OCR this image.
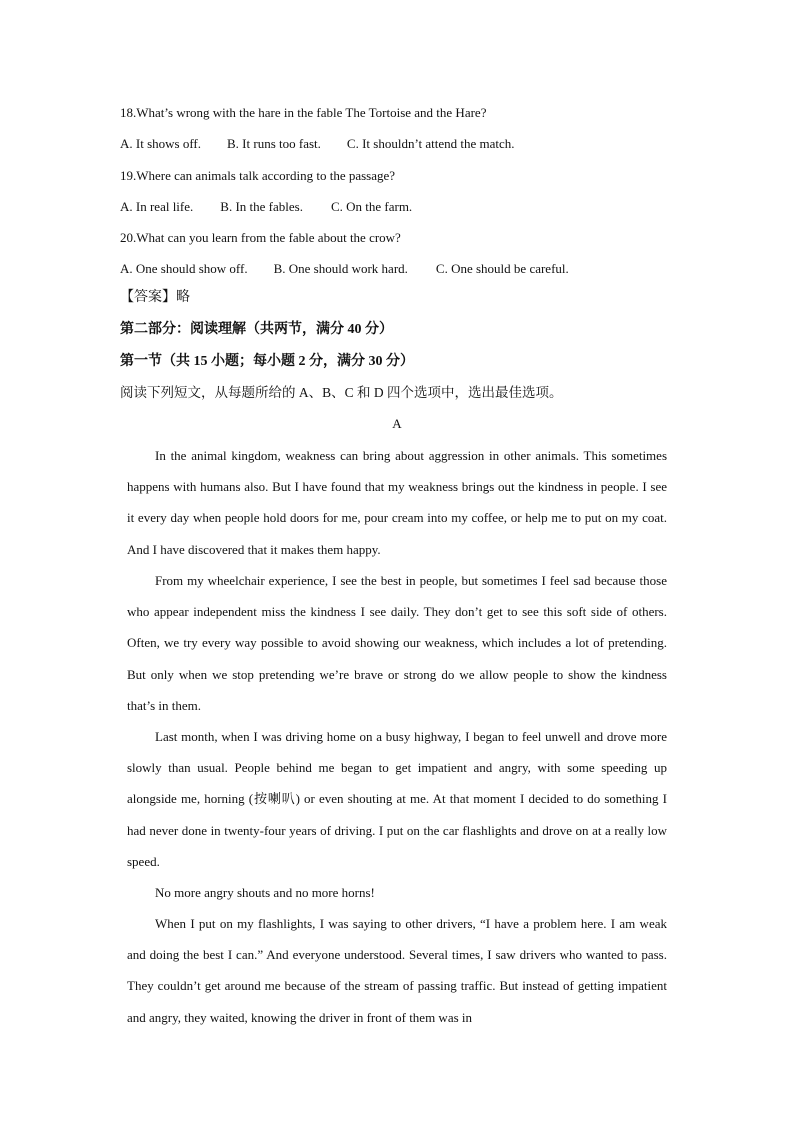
18.What’s wrong with the hare in the fable The Tortoise and the Hare?
A. It shows off. B. It runs too fast. C. It shouldn’t attend the match.
19.Where can animals talk according to the passage?
A. In real life. B. In the fables. C. On the farm.
20.What can you learn from the fable about the crow?
A. One should show off. B. One should work hard. C. One should be careful.
【答案】略
第二部分：阅读理解（共两节，满分 40 分）
第一节（共 15 小题；每小题 2 分，满分 30 分）
阅读下列短文，从每题所给的 A、B、C 和 D 四个选项中，选出最佳选项。
A

In the animal kingdom, weakness can bring about aggression in other animals. This sometimes happens with humans also. But I have found that my weakness brings out the kindness in people. I see it every day when people hold doors for me, pour cream into my coffee, or help me to put on my coat. And I have discovered that it makes them happy.

From my wheelchair experience, I see the best in people, but sometimes I feel sad because those who appear independent miss the kindness I see daily. They don’t get to see this soft side of others. Often, we try every way possible to avoid showing our weakness, which includes a lot of pretending. But only when we stop pretending we’re brave or strong do we allow people to show the kindness that’s in them.

Last month, when I was driving home on a busy highway, I began to feel unwell and drove more slowly than usual. People behind me began to get impatient and angry, with some speeding up alongside me, horning (按喇叭) or even shouting at me. At that moment I decided to do something I had never done in twenty-four years of driving. I put on the car flashlights and drove on at a really low speed.

No more angry shouts and no more horns!

When I put on my flashlights, I was saying to other drivers, “I have a problem here. I am weak and doing the best I can.” And everyone understood. Several times, I saw drivers who wanted to pass. They couldn’t get around me because of the stream of passing traffic. But instead of getting impatient and angry, they waited, knowing the driver in front of them was in
